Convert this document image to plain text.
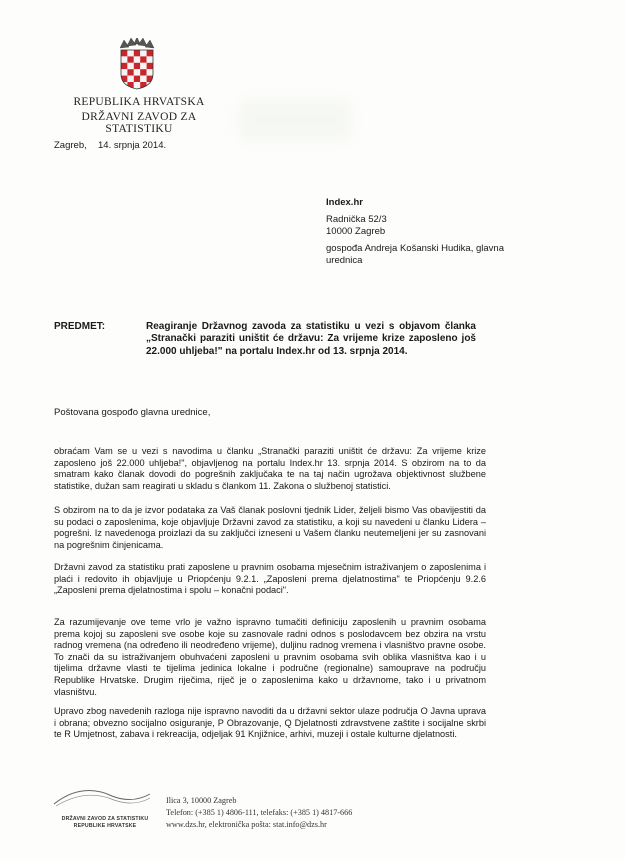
REPUBLIKA HRVATSKA
DRŽAVNI ZAVOD ZA STATISTIKU
Zagreb, 14. srpnja 2014.
Index.hr
Radnička 52/3
10000 Zagreb
gospođa Andreja Košanski Hudika, glavna urednica
PREDMET:	Reagiranje Državnog zavoda za statistiku u vezi s objavom članka „Stranački paraziti uništit će državu: Za vrijeme krize zaposleno još 22.000 uhljeba!" na portalu Index.hr od 13. srpnja 2014.
Poštovana gospođo glavna urednice,

obraćam Vam se u vezi s navodima u članku „Stranački paraziti uništit će državu: Za vrijeme krize zaposleno još 22.000 uhljeba!", objavljenog na portalu Index.hr 13. srpnja 2014. S obzirom na to da smatram kako članak dovodi do pogrešnih zaključaka te na taj način ugrožava objektivnost službene statistike, dužan sam reagirati u skladu s člankom 11. Zakona o službenoj statistici.

S obzirom na to da je izvor podataka za Vaš članak poslovni tjednik Lider, željeli bismo Vas obavijestiti da su podaci o zaposlenima, koje objavljuje Državni zavod za statistiku, a koji su navedeni u članku Lidera – pogrešni. Iz navedenoga proizlazi da su zaključci izneseni u Vašem članku neutemeljeni jer su zasnovani na pogrešnim činjenicama.

Državni zavod za statistiku prati zaposlene u pravnim osobama mjesečnim istraživanjem o zaposlenima i plaći i redovito ih objavljuje u Priopćenju 9.2.1. „Zaposleni prema djelatnostima" te Priopćenju 9.2.6 „Zaposleni prema djelatnostima i spolu – konačni podaci".

Za razumijevanje ove teme vrlo je važno ispravno tumačiti definiciju zaposlenih u pravnim osobama prema kojoj su zaposleni sve osobe koje su zasnovale radni odnos s poslodavcem bez obzira na vrstu radnog vremena (na određeno ili neodređeno vrijeme), duljinu radnog vremena i vlasništvo pravne osobe. To znači da su istraživanjem obuhvaćeni zaposleni u pravnim osobama svih oblika vlasništva kao i u tijelima državne vlasti te tijelima jedinica lokalne i područne (regionalne) samouprave na području Republike Hrvatske. Drugim riječima, riječ je o zaposlenima kako u državnome, tako i u privatnom vlasništvu.

Upravo zbog navedenih razloga nije ispravno navoditi da u državni sektor ulaze područja O Javna uprava i obrana; obvezno socijalno osiguranje, P Obrazovanje, Q Djelatnosti zdravstvene zaštite i socijalne skrbi te R Umjetnost, zabava i rekreacija, odjeljak 91 Knjižnice, arhivi, muzeji i ostale kulturne djelatnosti.

DRŽAVNI ZAVOD ZA STATISTIKU
REPUBLIKE HRVATSKE
Ilica 3, 10000 Zagreb
Telefon: (+385 1) 4806-111, telefaks: (+385 1) 4817-666
www.dzs.hr, elektronička pošta: stat.info@dzs.hr
